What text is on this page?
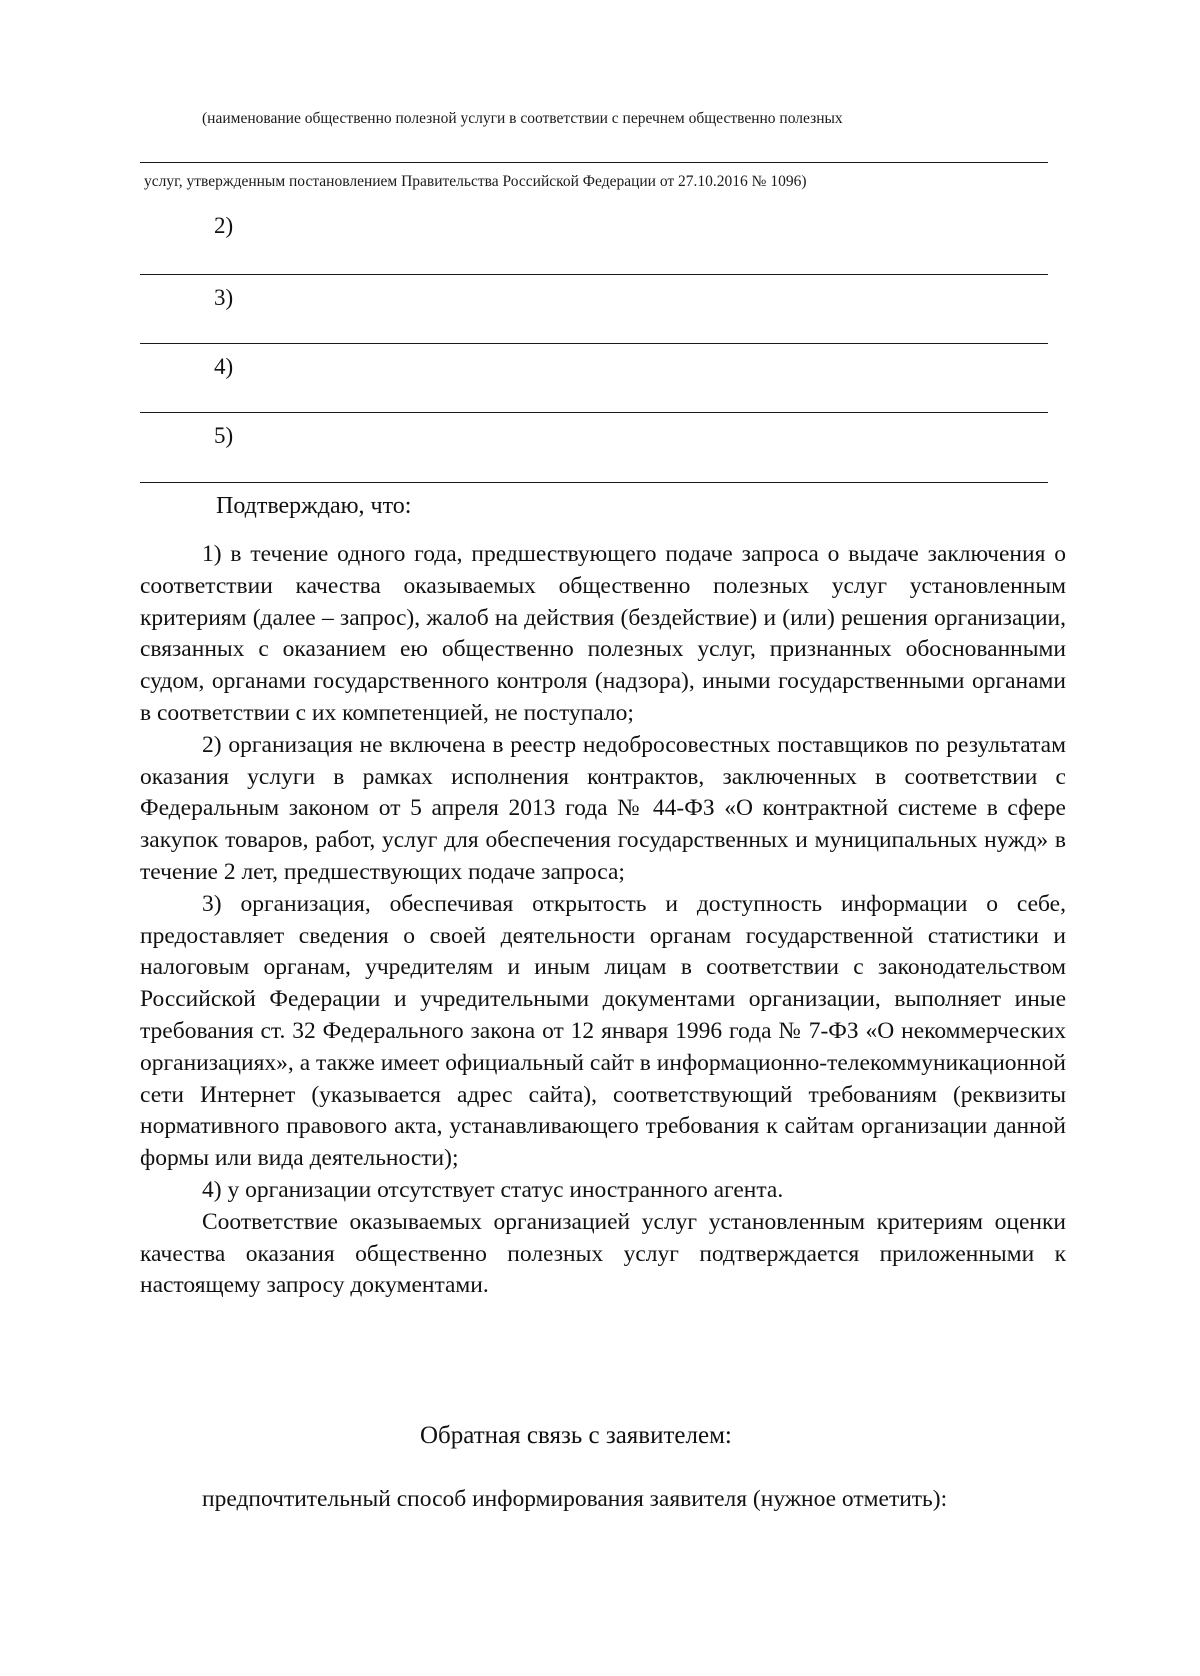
(наименование общественно полезной услуги в соответствии с перечнем общественно полезных
услуг, утвержденным постановлением Правительства Российской Федерации от 27.10.2016 № 1096)
2)
3)
4)
5)
Подтверждаю, что:

1) в течение одного года, предшествующего подаче запроса о выдаче заключения о соответствии качества оказываемых общественно полезных услуг установленным критериям (далее – запрос), жалоб на действия (бездействие) и (или) решения организации, связанных с оказанием ею общественно полезных услуг, признанных обоснованными судом, органами государственного контроля (надзора), иными государственными органами в соответствии с их компетенцией, не поступало;

2) организация не включена в реестр недобросовестных поставщиков по результатам оказания услуги в рамках исполнения контрактов, заключенных в соответствии с Федеральным законом от 5 апреля 2013 года № 44-ФЗ «О контрактной системе в сфере закупок товаров, работ, услуг для обеспечения государственных и муниципальных нужд» в течение 2 лет, предшествующих подаче запроса;

3) организация, обеспечивая открытость и доступность информации о себе, предоставляет сведения о своей деятельности органам государственной статистики и налоговым органам, учредителям и иным лицам в соответствии с законодательством Российской Федерации и учредительными документами организации, выполняет иные требования ст. 32 Федерального закона от 12 января 1996 года № 7-ФЗ «О некоммерческих организациях», а также имеет официальный сайт в информационно-телекоммуникационной сети Интернет (указывается адрес сайта), соответствующий требованиям (реквизиты нормативного правового акта, устанавливающего требования к сайтам организации данной формы или вида деятельности);

4) у организации отсутствует статус иностранного агента.

Соответствие оказываемых организацией услуг установленным критериям оценки качества оказания общественно полезных услуг подтверждается приложенными к настоящему запросу документами.

Обратная связь с заявителем:

предпочтительный способ информирования заявителя (нужное отметить):
